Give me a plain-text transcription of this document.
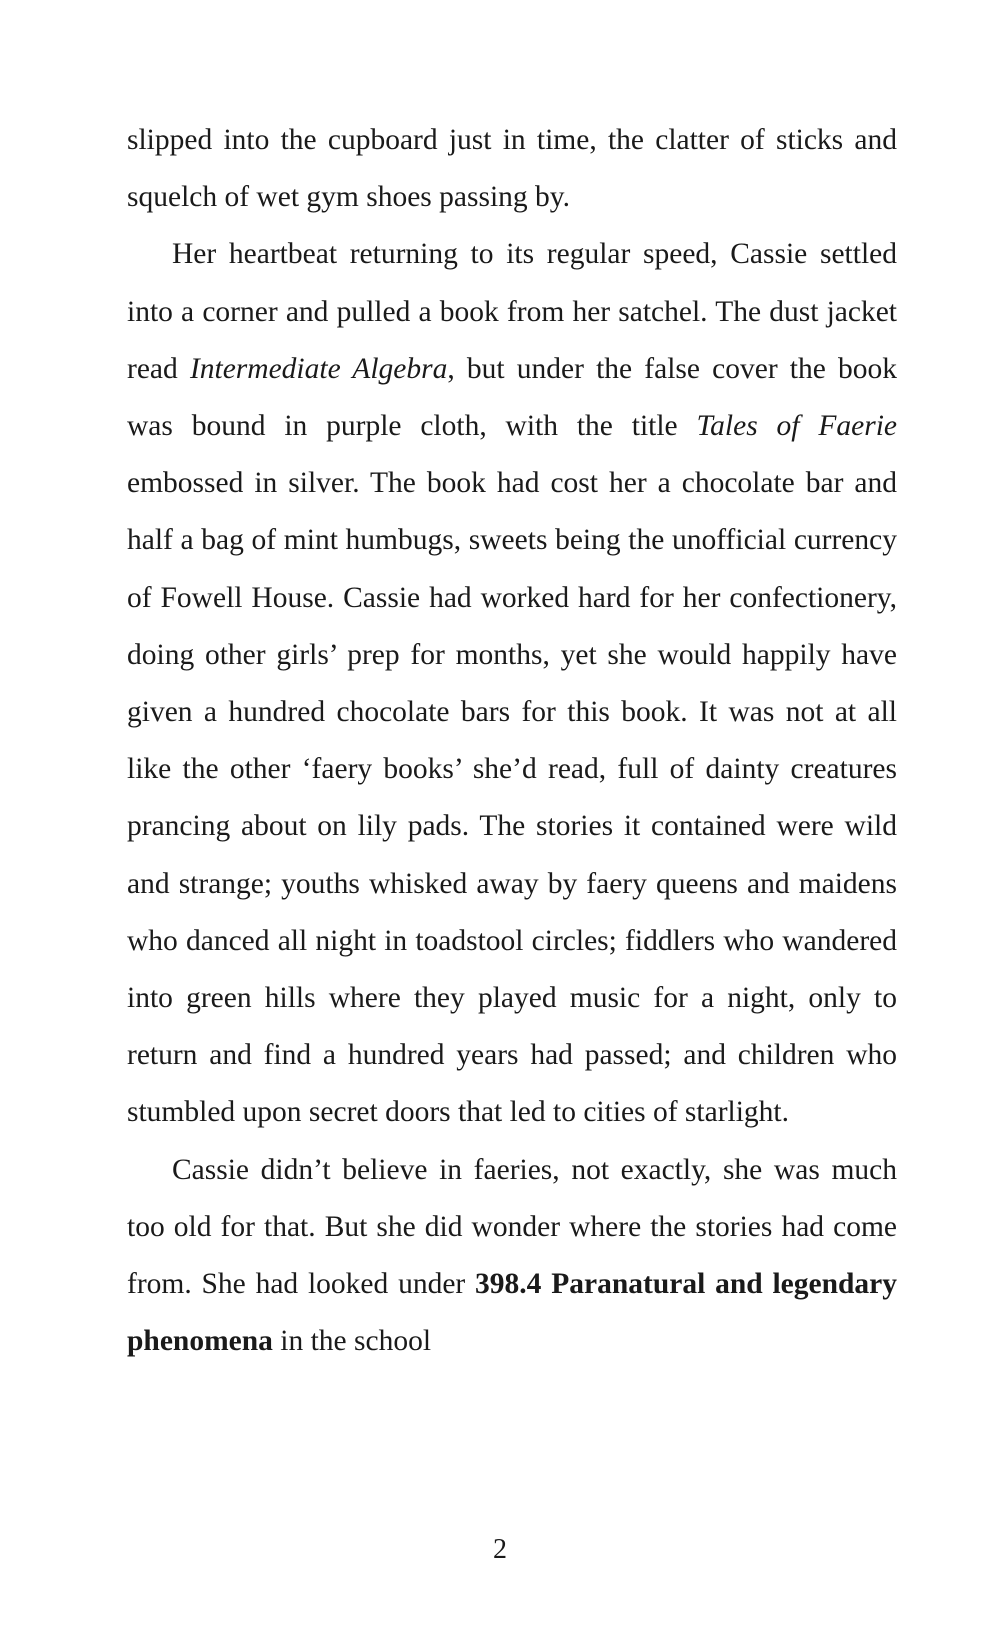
slipped into the cupboard just in time, the clatter of sticks and squelch of wet gym shoes passing by.

Her heartbeat returning to its regular speed, Cassie settled into a corner and pulled a book from her satchel. The dust jacket read Intermediate Algebra, but under the false cover the book was bound in purple cloth, with the title Tales of Faerie embossed in silver. The book had cost her a chocolate bar and half a bag of mint humbugs, sweets being the unofficial currency of Fowell House. Cassie had worked hard for her confectionery, doing other girls’ prep for months, yet she would happily have given a hundred chocolate bars for this book. It was not at all like the other ‘faery books’ she’d read, full of dainty creatures prancing about on lily pads. The stories it contained were wild and strange; youths whisked away by faery queens and maidens who danced all night in toadstool circles; fiddlers who wandered into green hills where they played music for a night, only to return and find a hundred years had passed; and children who stumbled upon secret doors that led to cities of starlight.

Cassie didn’t believe in faeries, not exactly, she was much too old for that. But she did wonder where the stories had come from. She had looked under 398.4 Paranatural and legendary phenomena in the school

2
